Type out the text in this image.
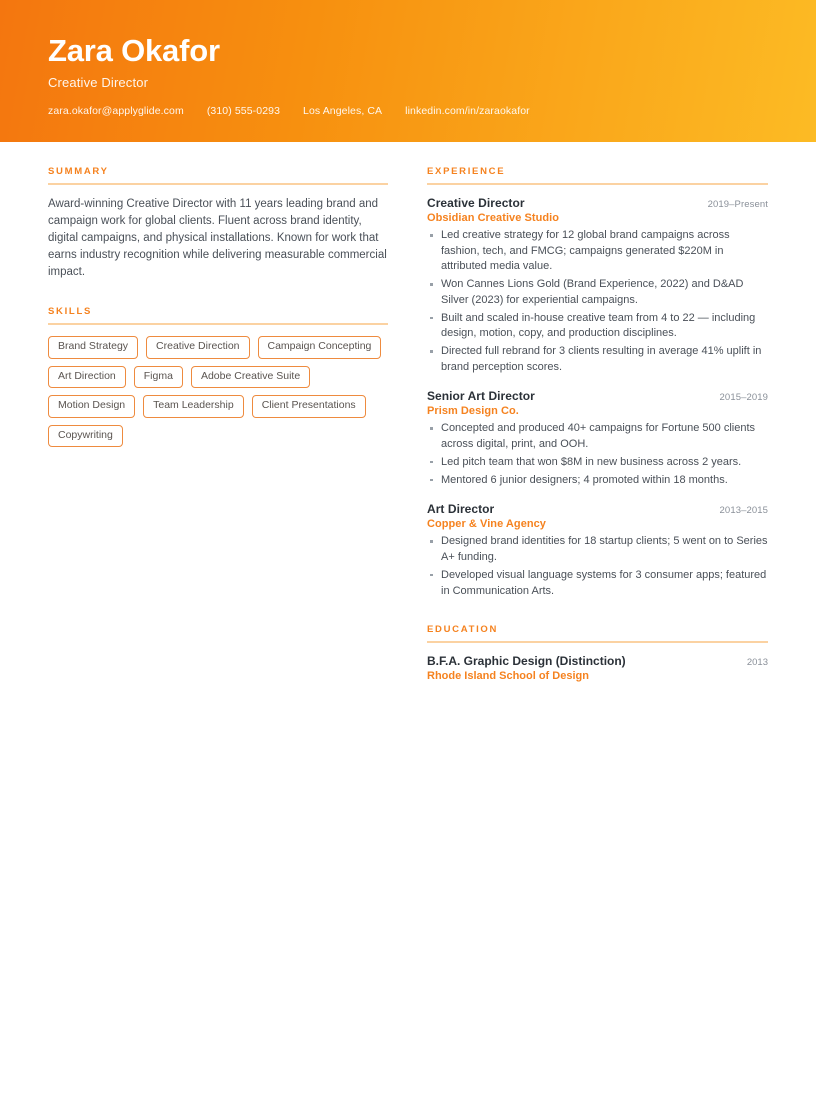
Zara Okafor
Creative Director
zara.okafor@applyglide.com (310) 555-0293 Los Angeles, CA linkedin.com/in/zaraokafor
SUMMARY

Award-winning Creative Director with 11 years leading brand and campaign work for global clients. Fluent across brand identity, digital campaigns, and physical installations. Known for work that earns industry recognition while delivering measurable commercial impact.

SKILLS
Brand Strategy	Creative Direction	Campaign Concepting
Art Direction	Figma	Adobe Creative Suite
Motion Design	Team Leadership	Client Presentations
Copywriting
EXPERIENCE
Creative Director	2019–Present
Obsidian Creative Studio
Led creative strategy for 12 global brand campaigns across fashion, tech, and FMCG; campaigns generated $220M in attributed media value.
Won Cannes Lions Gold (Brand Experience, 2022) and D&AD Silver (2023) for experiential campaigns.
Built and scaled in-house creative team from 4 to 22 — including design, motion, copy, and production disciplines.
Directed full rebrand for 3 clients resulting in average 41% uplift in brand perception scores.
Senior Art Director	2015–2019
Prism Design Co.
Concepted and produced 40+ campaigns for Fortune 500 clients across digital, print, and OOH.
Led pitch team that won $8M in new business across 2 years.
Mentored 6 junior designers; 4 promoted within 18 months.
Art Director	2013–2015
Copper & Vine Agency
Designed brand identities for 18 startup clients; 5 went on to Series A+ funding.
Developed visual language systems for 3 consumer apps; featured in Communication Arts.
EDUCATION
B.F.A. Graphic Design (Distinction)	2013
Rhode Island School of Design
